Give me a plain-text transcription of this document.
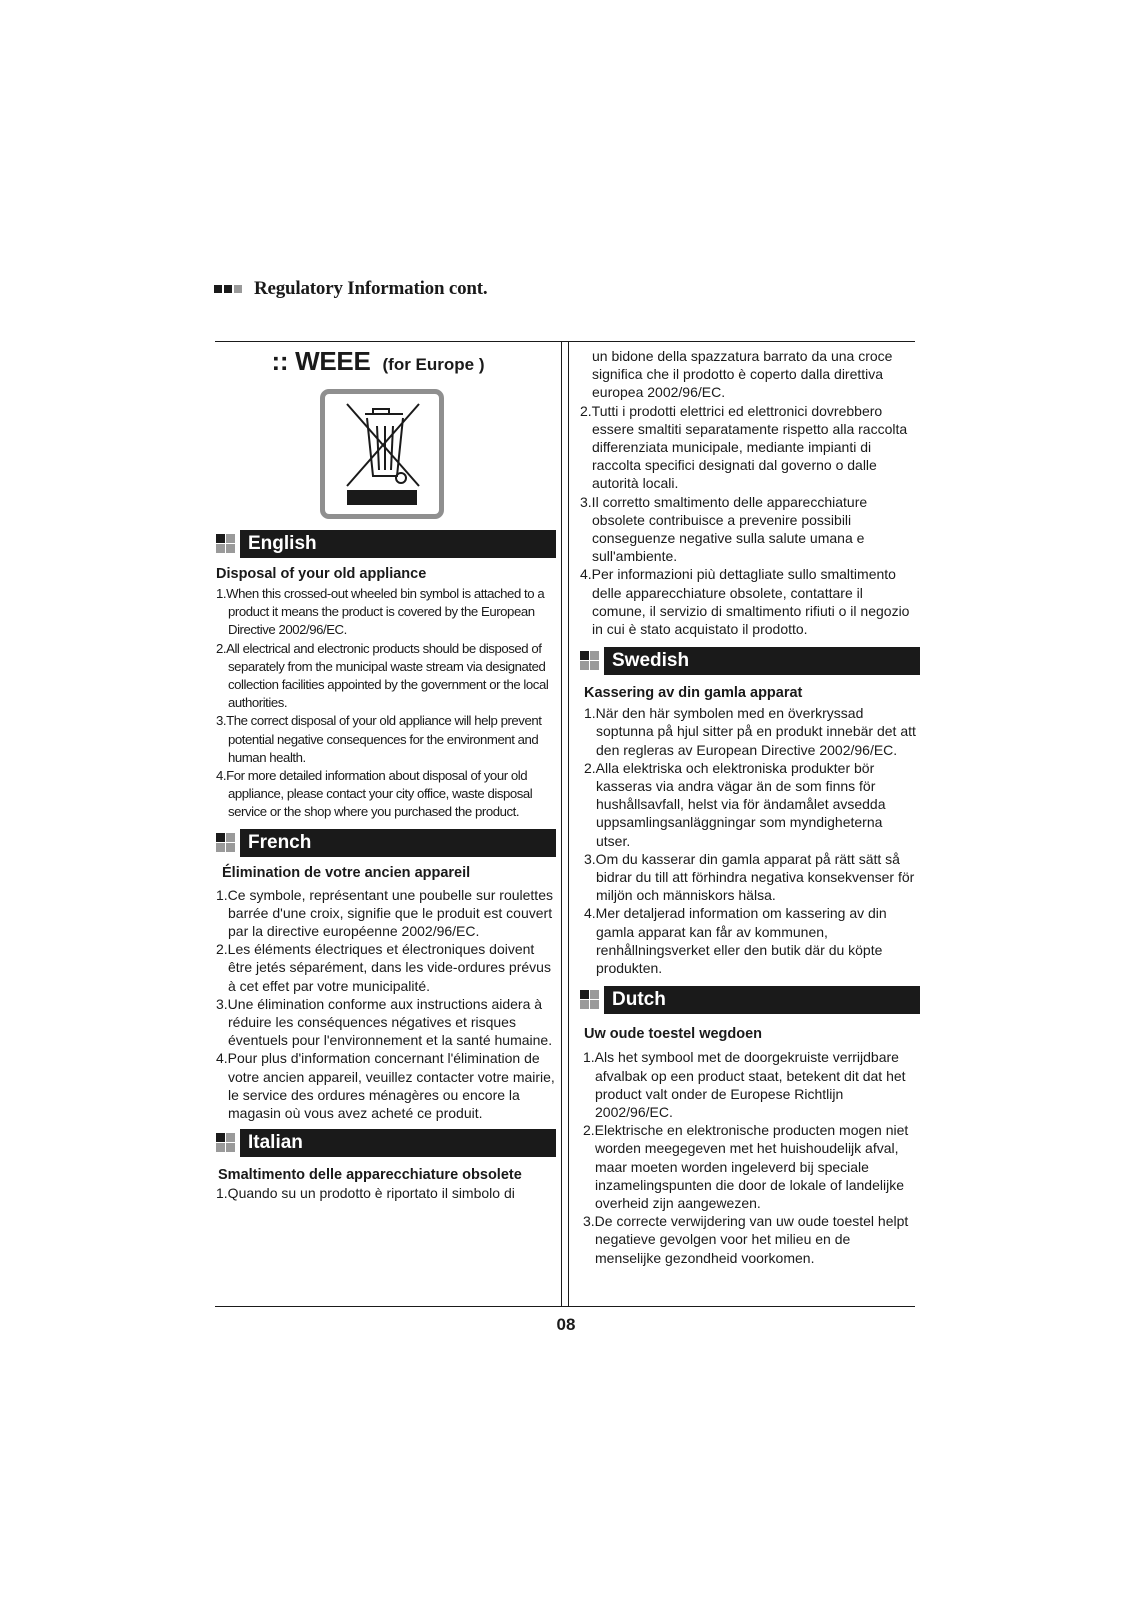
Regulatory Information cont.
:: WEEE (for Europe )
English
Disposal of your old appliance

1.When this crossed-out wheeled bin symbol is attached to a product it means the product is covered by the European Directive 2002/96/EC.

2.All electrical and electronic products should be disposed of separately from the municipal waste stream via designated collection facilities appointed by the government or the local authorities.

3.The correct disposal of your old appliance will help prevent potential negative consequences for the environment and human health.

4.For more detailed information about disposal of your old appliance, please contact your city office, waste disposal service or the shop where you purchased the product.

French
Élimination de votre ancien appareil

1.Ce symbole, représentant une poubelle sur roulettes barrée d'une croix, signifie que le produit est couvert par la directive européenne 2002/96/EC.

2.Les éléments électriques et électroniques doivent être jetés séparément, dans les vide-ordures prévus à cet effet par votre municipalité.

3.Une élimination conforme aux instructions aidera à réduire les conséquences négatives et risques éventuels pour l'environnement et la santé humaine.

4.Pour plus d'information concernant l'élimination de votre ancien appareil, veuillez contacter votre mairie, le service des ordures ménagères ou encore la magasin où vous avez acheté ce produit.

Italian
Smaltimento delle apparecchiature obsolete

1.Quando su un prodotto è riportato il simbolo di

un bidone della spazzatura barrato da una croce significa che il prodotto è coperto dalla direttiva europea 2002/96/EC.

2.Tutti i prodotti elettrici ed elettronici dovrebbero essere smaltiti separatamente rispetto alla raccolta differenziata municipale, mediante impianti di raccolta specifici designati dal governo o dalle autorità locali.

3.Il corretto smaltimento delle apparecchiature obsolete contribuisce a prevenire possibili conseguenze negative sulla salute umana e sull'ambiente.

4.Per informazioni più dettagliate sullo smaltimento delle apparecchiature obsolete, contattare il comune, il servizio di smaltimento rifiuti o il negozio in cui è stato acquistato il prodotto.

Swedish
Kassering av din gamla apparat

1.När den här symbolen med en överkryssad soptunna på hjul sitter på en produkt innebär det att den regleras av European Directive 2002/96/EC.

2.Alla elektriska och elektroniska produkter bör kasseras via andra vägar än de som finns för hushållsavfall, helst via för ändamålet avsedda uppsamlingsanläggningar som myndigheterna utser.

3.Om du kasserar din gamla apparat på rätt sätt så bidrar du till att förhindra negativa konsekvenser för miljön och människors hälsa.

4.Mer detaljerad information om kassering av din gamla apparat kan får av kommunen, renhållningsverket eller den butik där du köpte produkten.

Dutch
Uw oude toestel wegdoen

1.Als het symbool met de doorgekruiste verrijdbare afvalbak op een product staat, betekent dit dat het product valt onder de Europese Richtlijn 2002/96/EC.

2.Elektrische en elektronische producten mogen niet worden meegegeven met het huishoudelijk afval, maar moeten worden ingeleverd bij speciale inzamelingspunten die door de lokale of landelijke overheid zijn aangewezen.

3.De correcte verwijdering van uw oude toestel helpt negatieve gevolgen voor het milieu en de menselijke gezondheid voorkomen.

08
